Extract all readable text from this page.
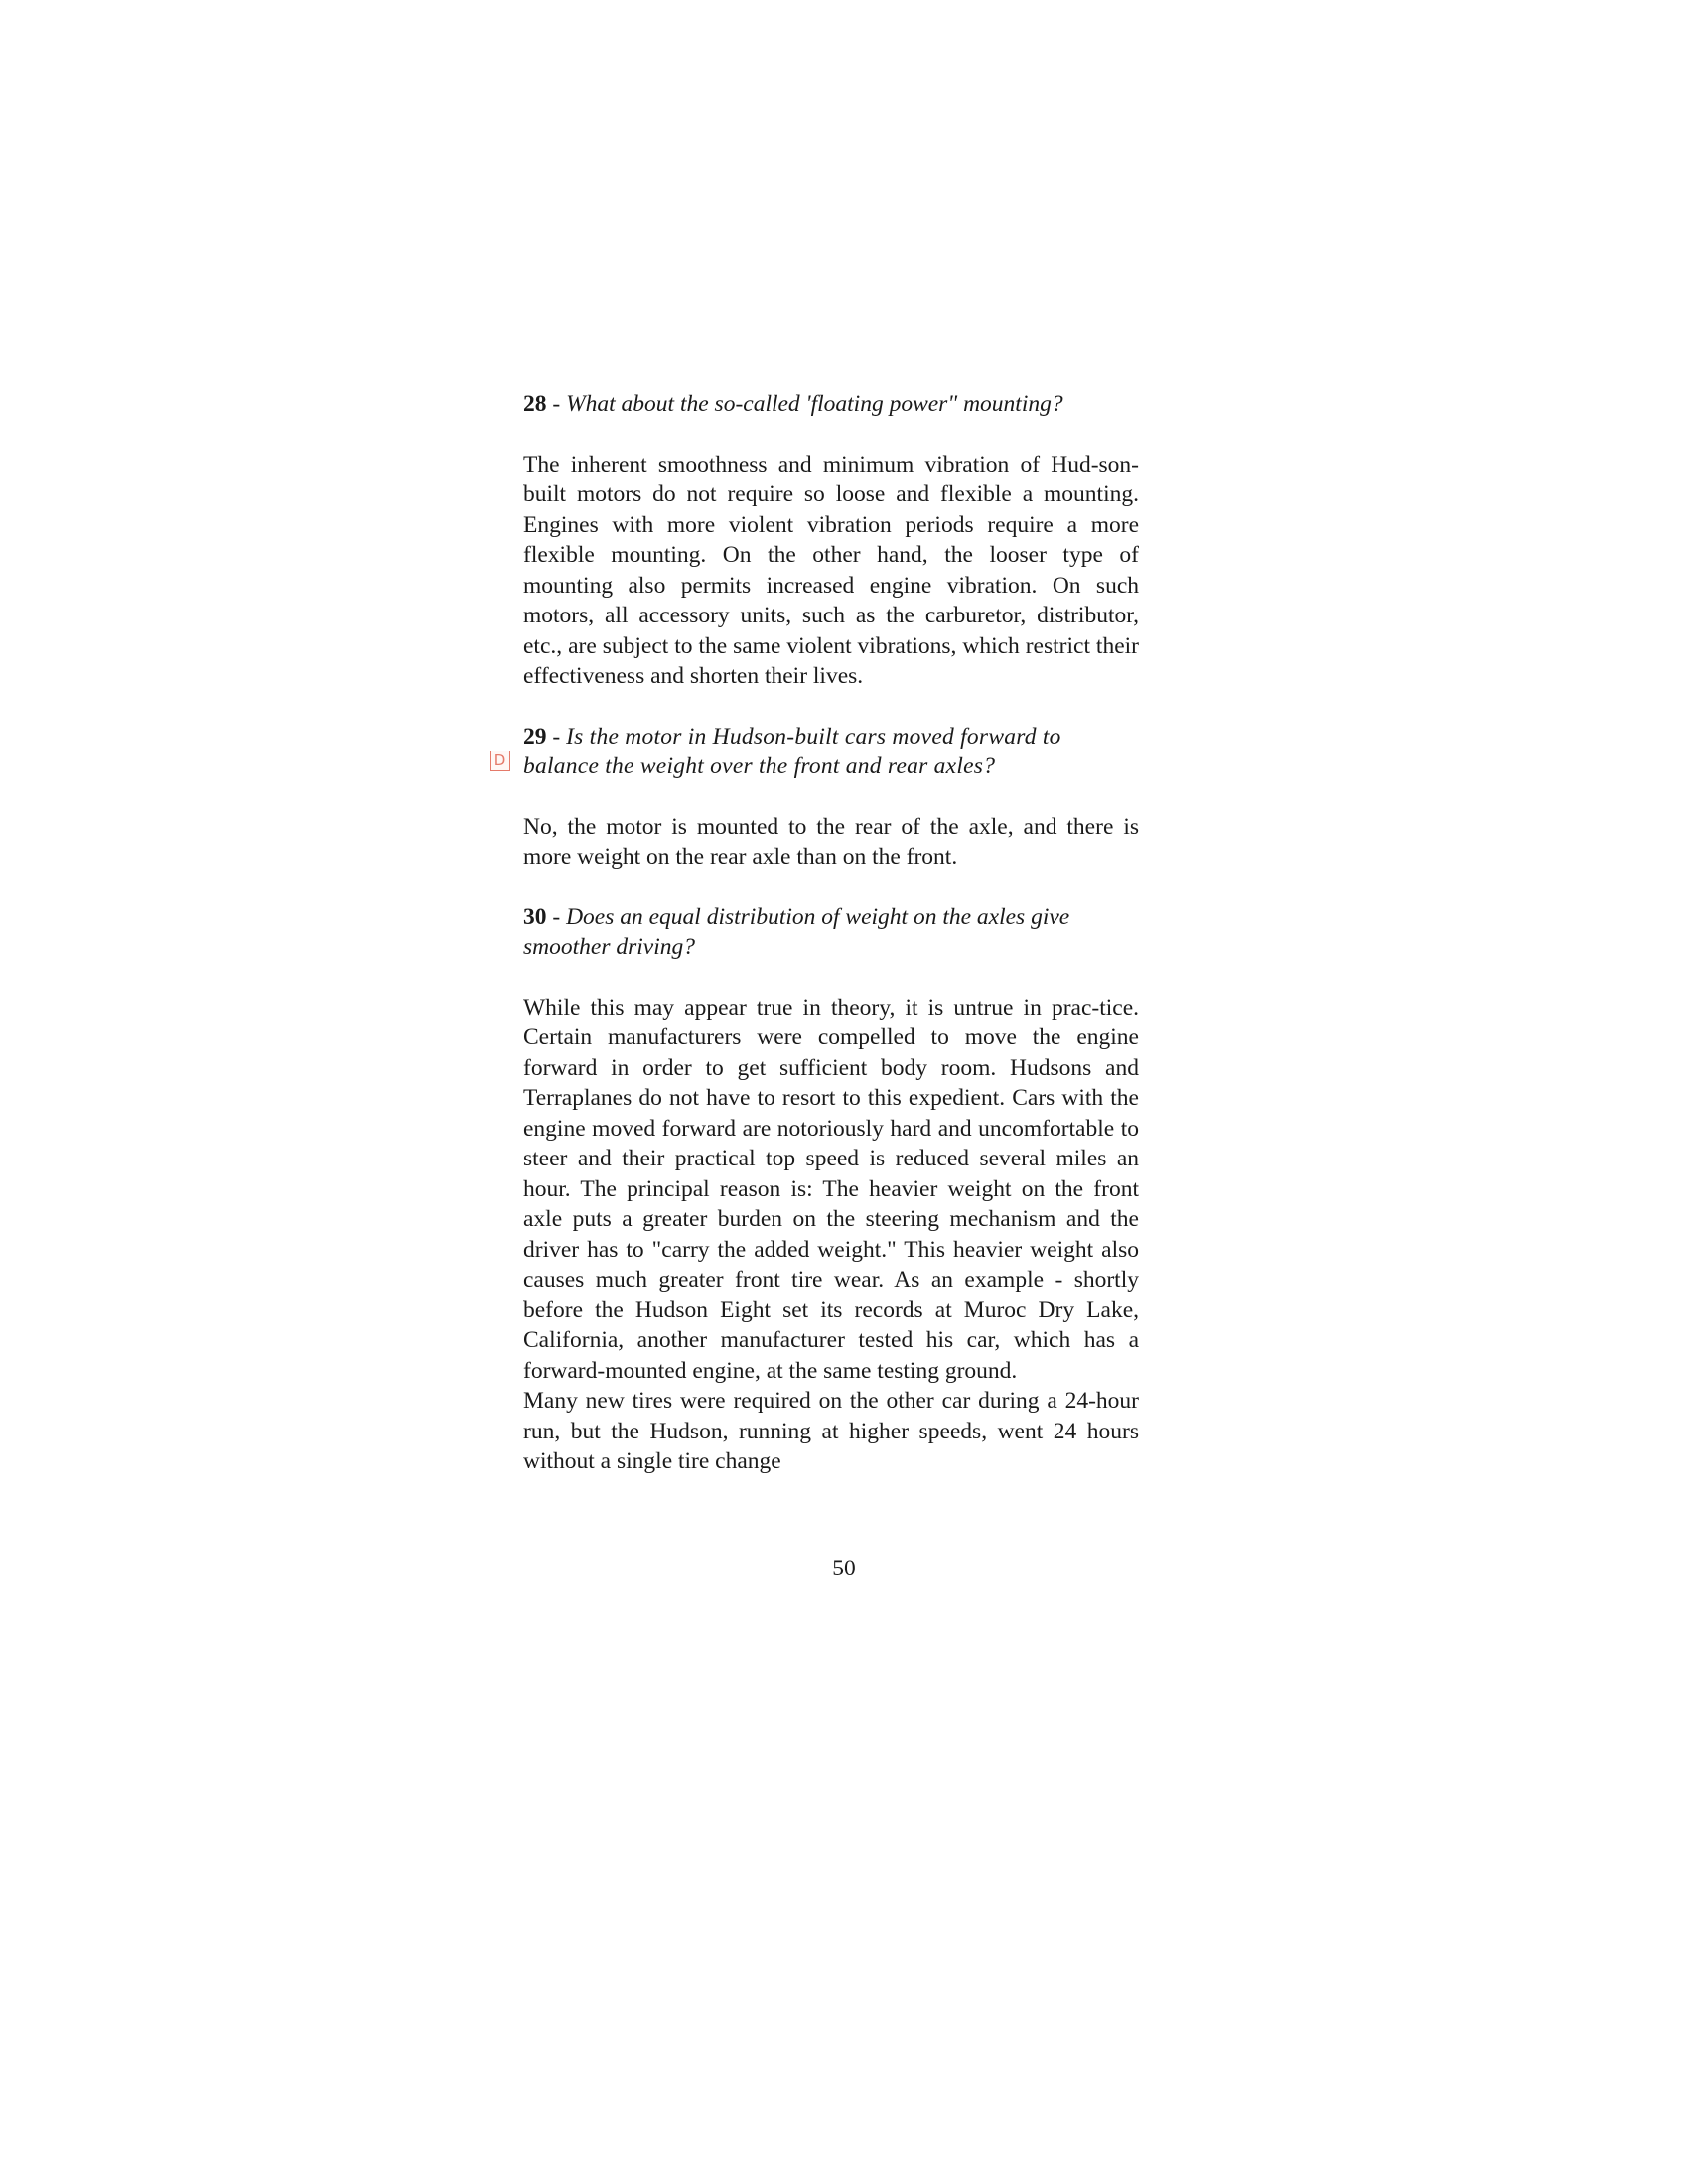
D

28 - What about the so-called 'floating power" mounting?

The inherent smoothness and minimum vibration of Hud-son-built motors do not require so loose and flexible a mounting. Engines with more violent vibration periods require a more flexible mounting. On the other hand, the looser type of mounting also permits increased engine vibration. On such motors, all accessory units, such as the carburetor, distributor, etc., are subject to the same violent vibrations, which restrict their effectiveness and shorten their lives.

29 - Is the motor in Hudson-built cars moved forward to balance the weight over the front and rear axles?

No, the motor is mounted to the rear of the axle, and there is more weight on the rear axle than on the front.

30 - Does an equal distribution of weight on the axles give smoother driving?

While this may appear true in theory, it is untrue in prac-tice. Certain manufacturers were compelled to move the engine forward in order to get sufficient body room. Hudsons and Terraplanes do not have to resort to this expedient. Cars with the engine moved forward are notoriously hard and uncomfortable to steer and their practical top speed is reduced several miles an hour. The principal reason is: The heavier weight on the front axle puts a greater burden on the steering mechanism and the driver has to "carry the added weight." This heavier weight also causes much greater front tire wear. As an example - shortly before the Hudson Eight set its records at Muroc Dry Lake, California, another manufacturer tested his car, which has a forward-mounted engine, at the same testing ground.

Many new tires were required on the other car during a 24-hour run, but the Hudson, running at higher speeds, went 24 hours without a single tire change

50
